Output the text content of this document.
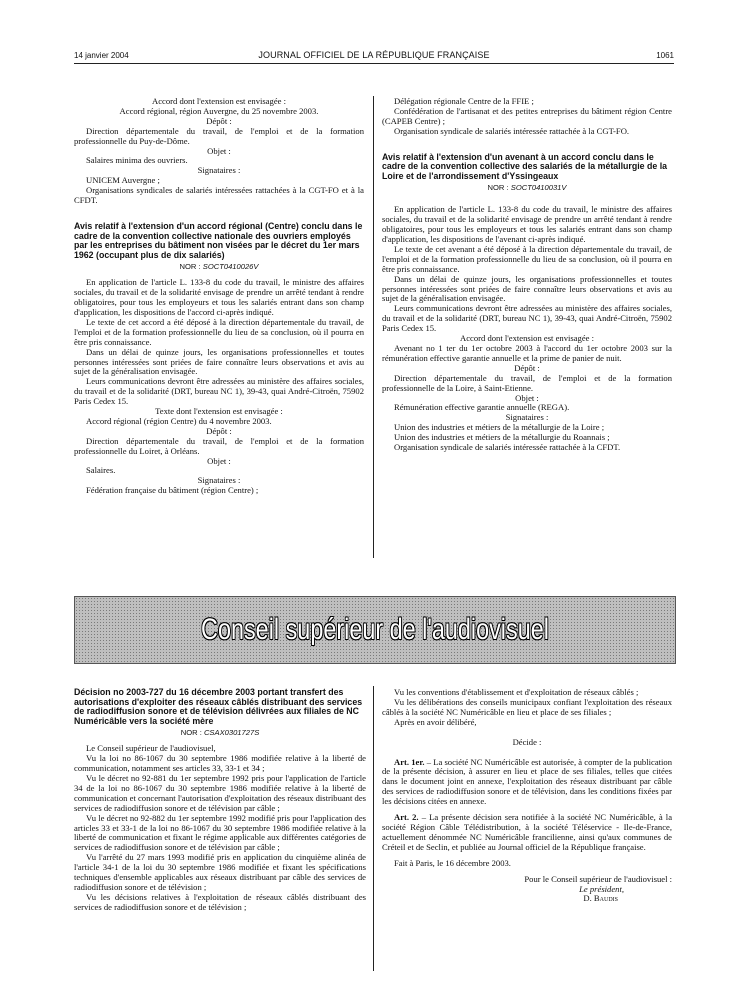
14 janvier 2004	JOURNAL OFFICIEL DE LA RÉPUBLIQUE FRANÇAISE	1061

Accord dont l'extension est envisagée :

Accord régional, région Auvergne, du 25 novembre 2003.

Dépôt :

Direction départementale du travail, de l'emploi et de la formation professionnelle du Puy-de-Dôme.

Objet :

Salaires minima des ouvriers.

Signataires :

UNICEM Auvergne ;

Organisations syndicales de salariés intéressées rattachées à la CGT-FO et à la CFDT.

Avis relatif à l'extension d'un accord régional (Centre) conclu dans le cadre de la convention collective nationale des ouvriers employés par les entreprises du bâtiment non visées par le décret du 1er mars 1962 (occupant plus de dix salariés)

NOR : SOCT0410026V

En application de l'article L. 133-8 du code du travail, le ministre des affaires sociales, du travail et de la solidarité envisage de prendre un arrêté tendant à rendre obligatoires, pour tous les employeurs et tous les salariés entrant dans son champ d'application, les dispositions de l'accord ci-après indiqué.

Le texte de cet accord a été déposé à la direction départementale du travail, de l'emploi et de la formation professionnelle du lieu de sa conclusion, où il pourra en être pris connaissance.

Dans un délai de quinze jours, les organisations professionnelles et toutes personnes intéressées sont priées de faire connaître leurs observations et avis au sujet de la généralisation envisagée.

Leurs communications devront être adressées au ministère des affaires sociales, du travail et de la solidarité (DRT, bureau NC 1), 39-43, quai André-Citroën, 75902 Paris Cedex 15.

Texte dont l'extension est envisagée :

Accord régional (région Centre) du 4 novembre 2003.

Dépôt :

Direction départementale du travail, de l'emploi et de la formation professionnelle du Loiret, à Orléans.

Objet :

Salaires.

Signataires :

Fédération française du bâtiment (région Centre) ;

Délégation régionale Centre de la FFIE ;

Confédération de l'artisanat et des petites entreprises du bâtiment région Centre (CAPEB Centre) ;

Organisation syndicale de salariés intéressée rattachée à la CGT-FO.

Avis relatif à l'extension d'un avenant à un accord conclu dans le cadre de la convention collective des salariés de la métallurgie de la Loire et de l'arrondissement d'Yssingeaux

NOR : SOCT0410031V

En application de l'article L. 133-8 du code du travail, le ministre des affaires sociales, du travail et de la solidarité envisage de prendre un arrêté tendant à rendre obligatoires, pour tous les employeurs et tous les salariés entrant dans son champ d'application, les dispositions de l'avenant ci-après indiqué.

Le texte de cet avenant a été déposé à la direction départementale du travail, de l'emploi et de la formation professionnelle du lieu de sa conclusion, où il pourra en être pris connaissance.

Dans un délai de quinze jours, les organisations professionnelles et toutes personnes intéressées sont priées de faire connaître leurs observations et avis au sujet de la généralisation envisagée.

Leurs communications devront être adressées au ministère des affaires sociales, du travail et de la solidarité (DRT, bureau NC 1), 39-43, quai André-Citroën, 75902 Paris Cedex 15.

Accord dont l'extension est envisagée :

Avenant no 1 ter du 1er octobre 2003 à l'accord du 1er octobre 2003 sur la rémunération effective garantie annuelle et la prime de panier de nuit.

Dépôt :

Direction départementale du travail, de l'emploi et de la formation professionnelle de la Loire, à Saint-Etienne.

Objet :

Rémunération effective garantie annuelle (REGA).

Signataires :

Union des industries et métiers de la métallurgie de la Loire ;

Union des industries et métiers de la métallurgie du Roannais ;

Organisation syndicale de salariés intéressée rattachée à la CFDT.

Conseil supérieur de l'audiovisuel

Décision no 2003-727 du 16 décembre 2003 portant transfert des autorisations d'exploiter des réseaux câblés distribuant des services de radiodiffusion sonore et de télévision délivrées aux filiales de NC Numéricâble vers la société mère

NOR : CSAX0301727S

Le Conseil supérieur de l'audiovisuel,

Vu la loi no 86-1067 du 30 septembre 1986 modifiée relative à la liberté de communication, notamment ses articles 33, 33-1 et 34 ;

Vu le décret no 92-881 du 1er septembre 1992 pris pour l'application de l'article 34 de la loi no 86-1067 du 30 septembre 1986 modifiée relative à la liberté de communication et concernant l'autorisation d'exploitation des réseaux distribuant des services de radiodiffusion sonore et de télévision par câble ;

Vu le décret no 92-882 du 1er septembre 1992 modifié pris pour l'application des articles 33 et 33-1 de la loi no 86-1067 du 30 septembre 1986 modifiée relative à la liberté de communication et fixant le régime applicable aux différentes catégories de services de radiodiffusion sonore et de télévision par câble ;

Vu l'arrêté du 27 mars 1993 modifié pris en application du cinquième alinéa de l'article 34-1 de la loi du 30 septembre 1986 modifiée et fixant les spécifications techniques d'ensemble applicables aux réseaux distribuant par câble des services de radiodiffusion sonore et de télévision ;

Vu les décisions relatives à l'exploitation de réseaux câblés distribuant des services de radiodiffusion sonore et de télévision ;

Vu les conventions d'établissement et d'exploitation de réseaux câblés ;

Vu les délibérations des conseils municipaux confiant l'exploitation des réseaux câblés à la société NC Numéricâble en lieu et place de ses filiales ;

Après en avoir délibéré,

Décide :

Art. 1er. – La société NC Numéricâble est autorisée, à compter de la publication de la présente décision, à assurer en lieu et place de ses filiales, telles que citées dans le document joint en annexe, l'exploitation des réseaux distribuant par câble des services de radiodiffusion sonore et de télévision, dans les conditions fixées par les décisions citées en annexe.

Art. 2. – La présente décision sera notifiée à la société NC Numéricâble, à la société Région Câble Télédistribution, à la société Téléservice - Ile-de-France, actuellement dénommée NC Numéricâble francilienne, ainsi qu'aux communes de Créteil et de Seclin, et publiée au Journal officiel de la République française.

Fait à Paris, le 16 décembre 2003.

Pour le Conseil supérieur de l'audiovisuel :

Le président,

D. Baudis
